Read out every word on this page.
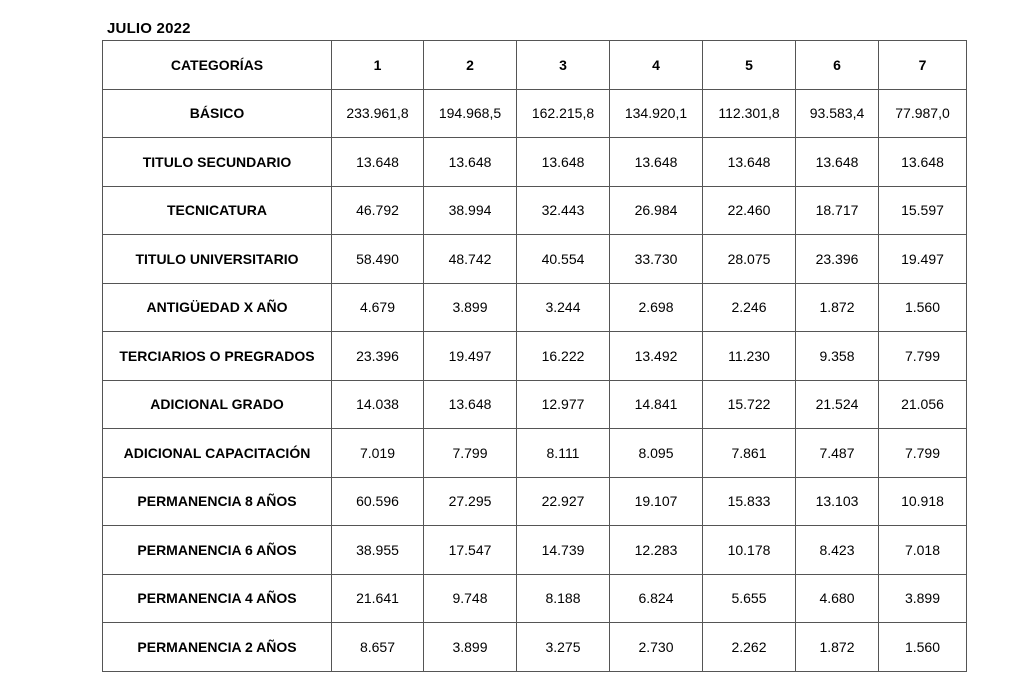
JULIO 2022
CATEGORÍAS	1	2	3	4	5	6	7
BÁSICO	233.961,8	194.968,5	162.215,8	134.920,1	112.301,8	93.583,4	77.987,0
TITULO SECUNDARIO	13.648	13.648	13.648	13.648	13.648	13.648	13.648
TECNICATURA	46.792	38.994	32.443	26.984	22.460	18.717	15.597
TITULO UNIVERSITARIO	58.490	48.742	40.554	33.730	28.075	23.396	19.497
ANTIGÜEDAD X AÑO	4.679	3.899	3.244	2.698	2.246	1.872	1.560
TERCIARIOS O PREGRADOS	23.396	19.497	16.222	13.492	11.230	9.358	7.799
ADICIONAL GRADO	14.038	13.648	12.977	14.841	15.722	21.524	21.056
ADICIONAL CAPACITACIÓN	7.019	7.799	8.111	8.095	7.861	7.487	7.799
PERMANENCIA 8 AÑOS	60.596	27.295	22.927	19.107	15.833	13.103	10.918
PERMANENCIA 6 AÑOS	38.955	17.547	14.739	12.283	10.178	8.423	7.018
PERMANENCIA 4 AÑOS	21.641	9.748	8.188	6.824	5.655	4.680	3.899
PERMANENCIA 2 AÑOS	8.657	3.899	3.275	2.730	2.262	1.872	1.560
